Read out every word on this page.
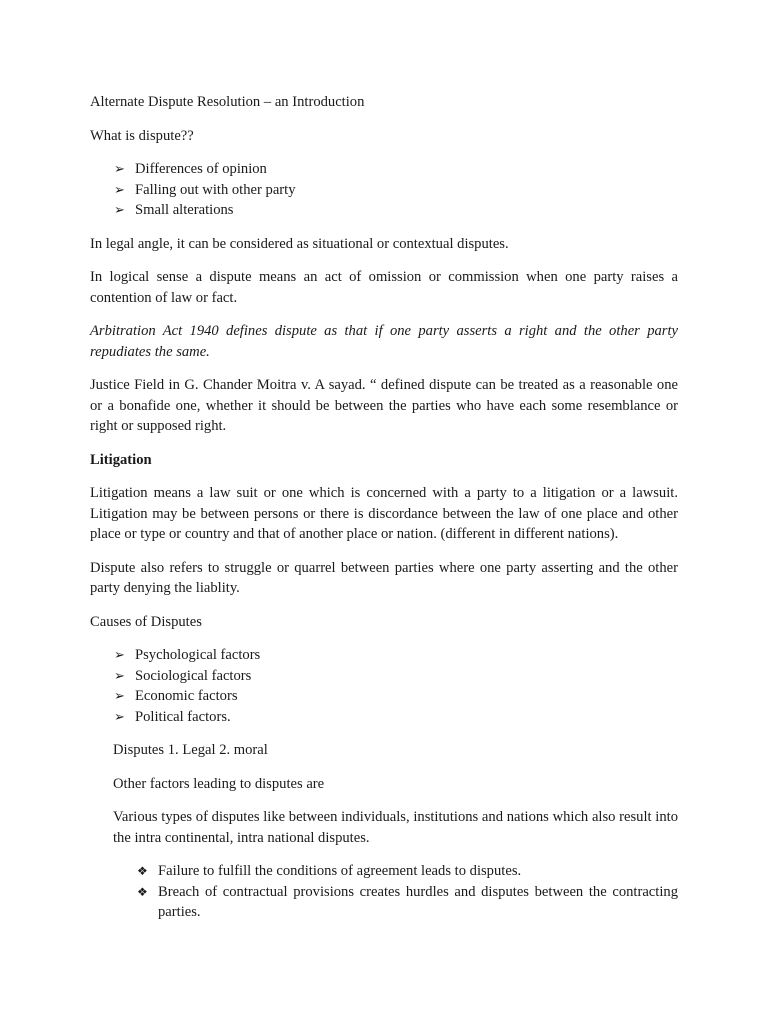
Alternate Dispute Resolution – an Introduction

What is dispute??

➢ Differences of opinion
➢ Falling out with other party
➢ Small alterations

In legal angle, it can be considered as situational or contextual disputes.

In logical sense a dispute means an act of omission or commission when one party raises a contention of law or fact.

Arbitration Act 1940 defines dispute as that if one party asserts a right and the other party repudiates the same.

Justice Field in G. Chander Moitra v. A sayad. “ defined dispute can be treated as a reasonable one or a bonafide one, whether it should be between the parties who have each some resemblance or right or supposed right.

Litigation

Litigation means a law suit or one which is concerned with a party to a litigation or a lawsuit. Litigation may be between persons or there is discordance between the law of one place and other place or type or country and that of another place or nation. (different in different nations).

Dispute also refers to struggle or quarrel between parties where one party asserting and the other party denying the liablity.

Causes of Disputes

➢ Psychological factors
➢ Sociological factors
➢ Economic factors
➢ Political factors.

Disputes 1. Legal 2. moral

Other factors leading to disputes are

Various types of disputes like between individuals, institutions and nations which also result into the intra continental, intra national disputes.

❖ Failure to fulfill the conditions of agreement leads to disputes.
❖ Breach of contractual provisions creates hurdles and disputes between the contracting parties.
